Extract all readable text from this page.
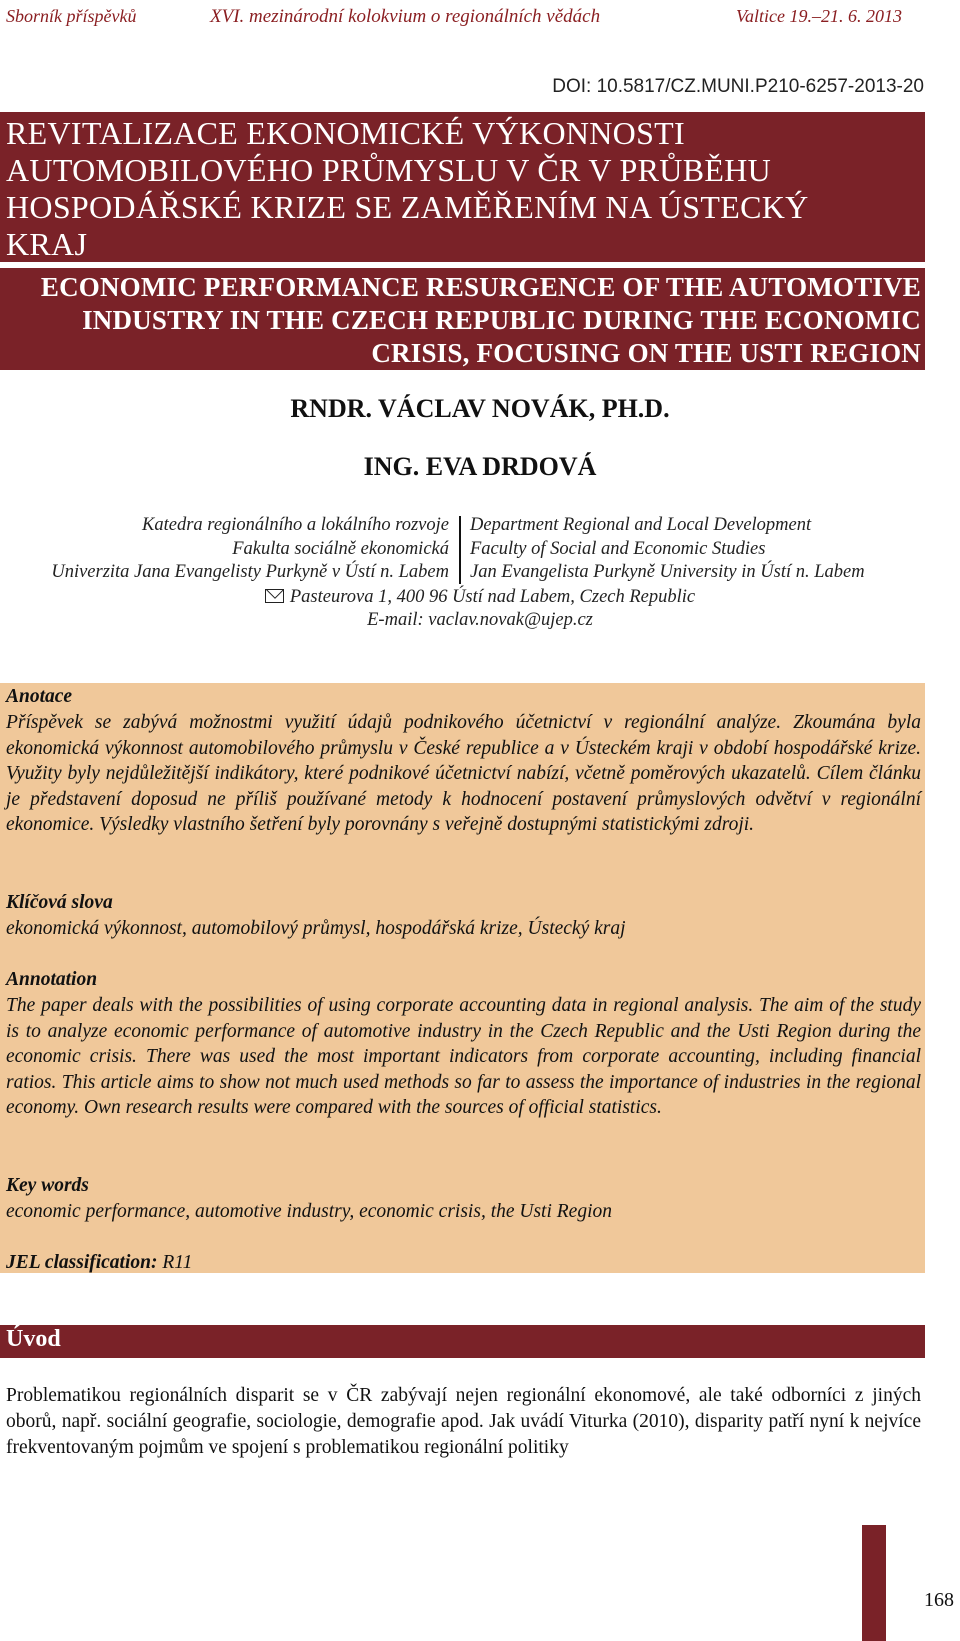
Sborník příspěvků	XVI. mezinárodní kolokvium o regionálních vědách	Valtice 19.–21. 6. 2013
DOI: 10.5817/CZ.MUNI.P210-6257-2013-20
REVITALIZACE EKONOMICKÉ VÝKONNOSTI AUTOMOBILOVÉHO PRŮMYSLU V ČR V PRŮBĚHU HOSPODÁŘSKÉ KRIZE SE ZAMĚŘENÍM NA ÚSTECKÝ KRAJ
ECONOMIC PERFORMANCE RESURGENCE OF THE AUTOMOTIVE INDUSTRY IN THE CZECH REPUBLIC DURING THE ECONOMIC CRISIS, FOCUSING ON THE USTI REGION
RNDR. VÁCLAV NOVÁK, PH.D.
ING. EVA DRDOVÁ
Katedra regionálního a lokálního rozvoje
Fakulta sociálně ekonomická
Univerzita Jana Evangelisty Purkyně v Ústí n. Labem
Department Regional and Local Development
Faculty of Social and Economic Studies
Jan Evangelista Purkyně University in Ústí n. Labem
Pasteurova 1, 400 96 Ústí nad Labem, Czech Republic
E-mail: vaclav.novak@ujep.cz
Anotace
Příspěvek se zabývá možnostmi využití údajů podnikového účetnictví v regionální analýze. Zkoumána byla ekonomická výkonnost automobilového průmyslu v České republice a v Ústeckém kraji v období hospodářské krize. Využity byly nejdůležitější indikátory, které podnikové účetnictví nabízí, včetně poměrových ukazatelů. Cílem článku je představení doposud ne příliš používané metody k hodnocení postavení průmyslových odvětví v regionální ekonomice. Výsledky vlastního šetření byly porovnány s veřejně dostupnými statistickými zdroji.
Klíčová slova
ekonomická výkonnost, automobilový průmysl, hospodářská krize, Ústecký kraj
Annotation
The paper deals with the possibilities of using corporate accounting data in regional analysis. The aim of the study is to analyze economic performance of automotive industry in the Czech Republic and the Usti Region during the economic crisis. There was used the most important indicators from corporate accounting, including financial ratios. This article aims to show not much used methods so far to assess the importance of industries in the regional economy. Own research results were compared with the sources of official statistics.
Key words
economic performance, automotive industry, economic crisis, the Usti Region
JEL classification: R11
Úvod
Problematikou regionálních disparit se v ČR zabývají nejen regionální ekonomové, ale také odborníci z jiných oborů, např. sociální geografie, sociologie, demografie apod. Jak uvádí Viturka (2010), disparity patří nyní k nejvíce frekventovaným pojmům ve spojení s problematikou regionální politiky
168
